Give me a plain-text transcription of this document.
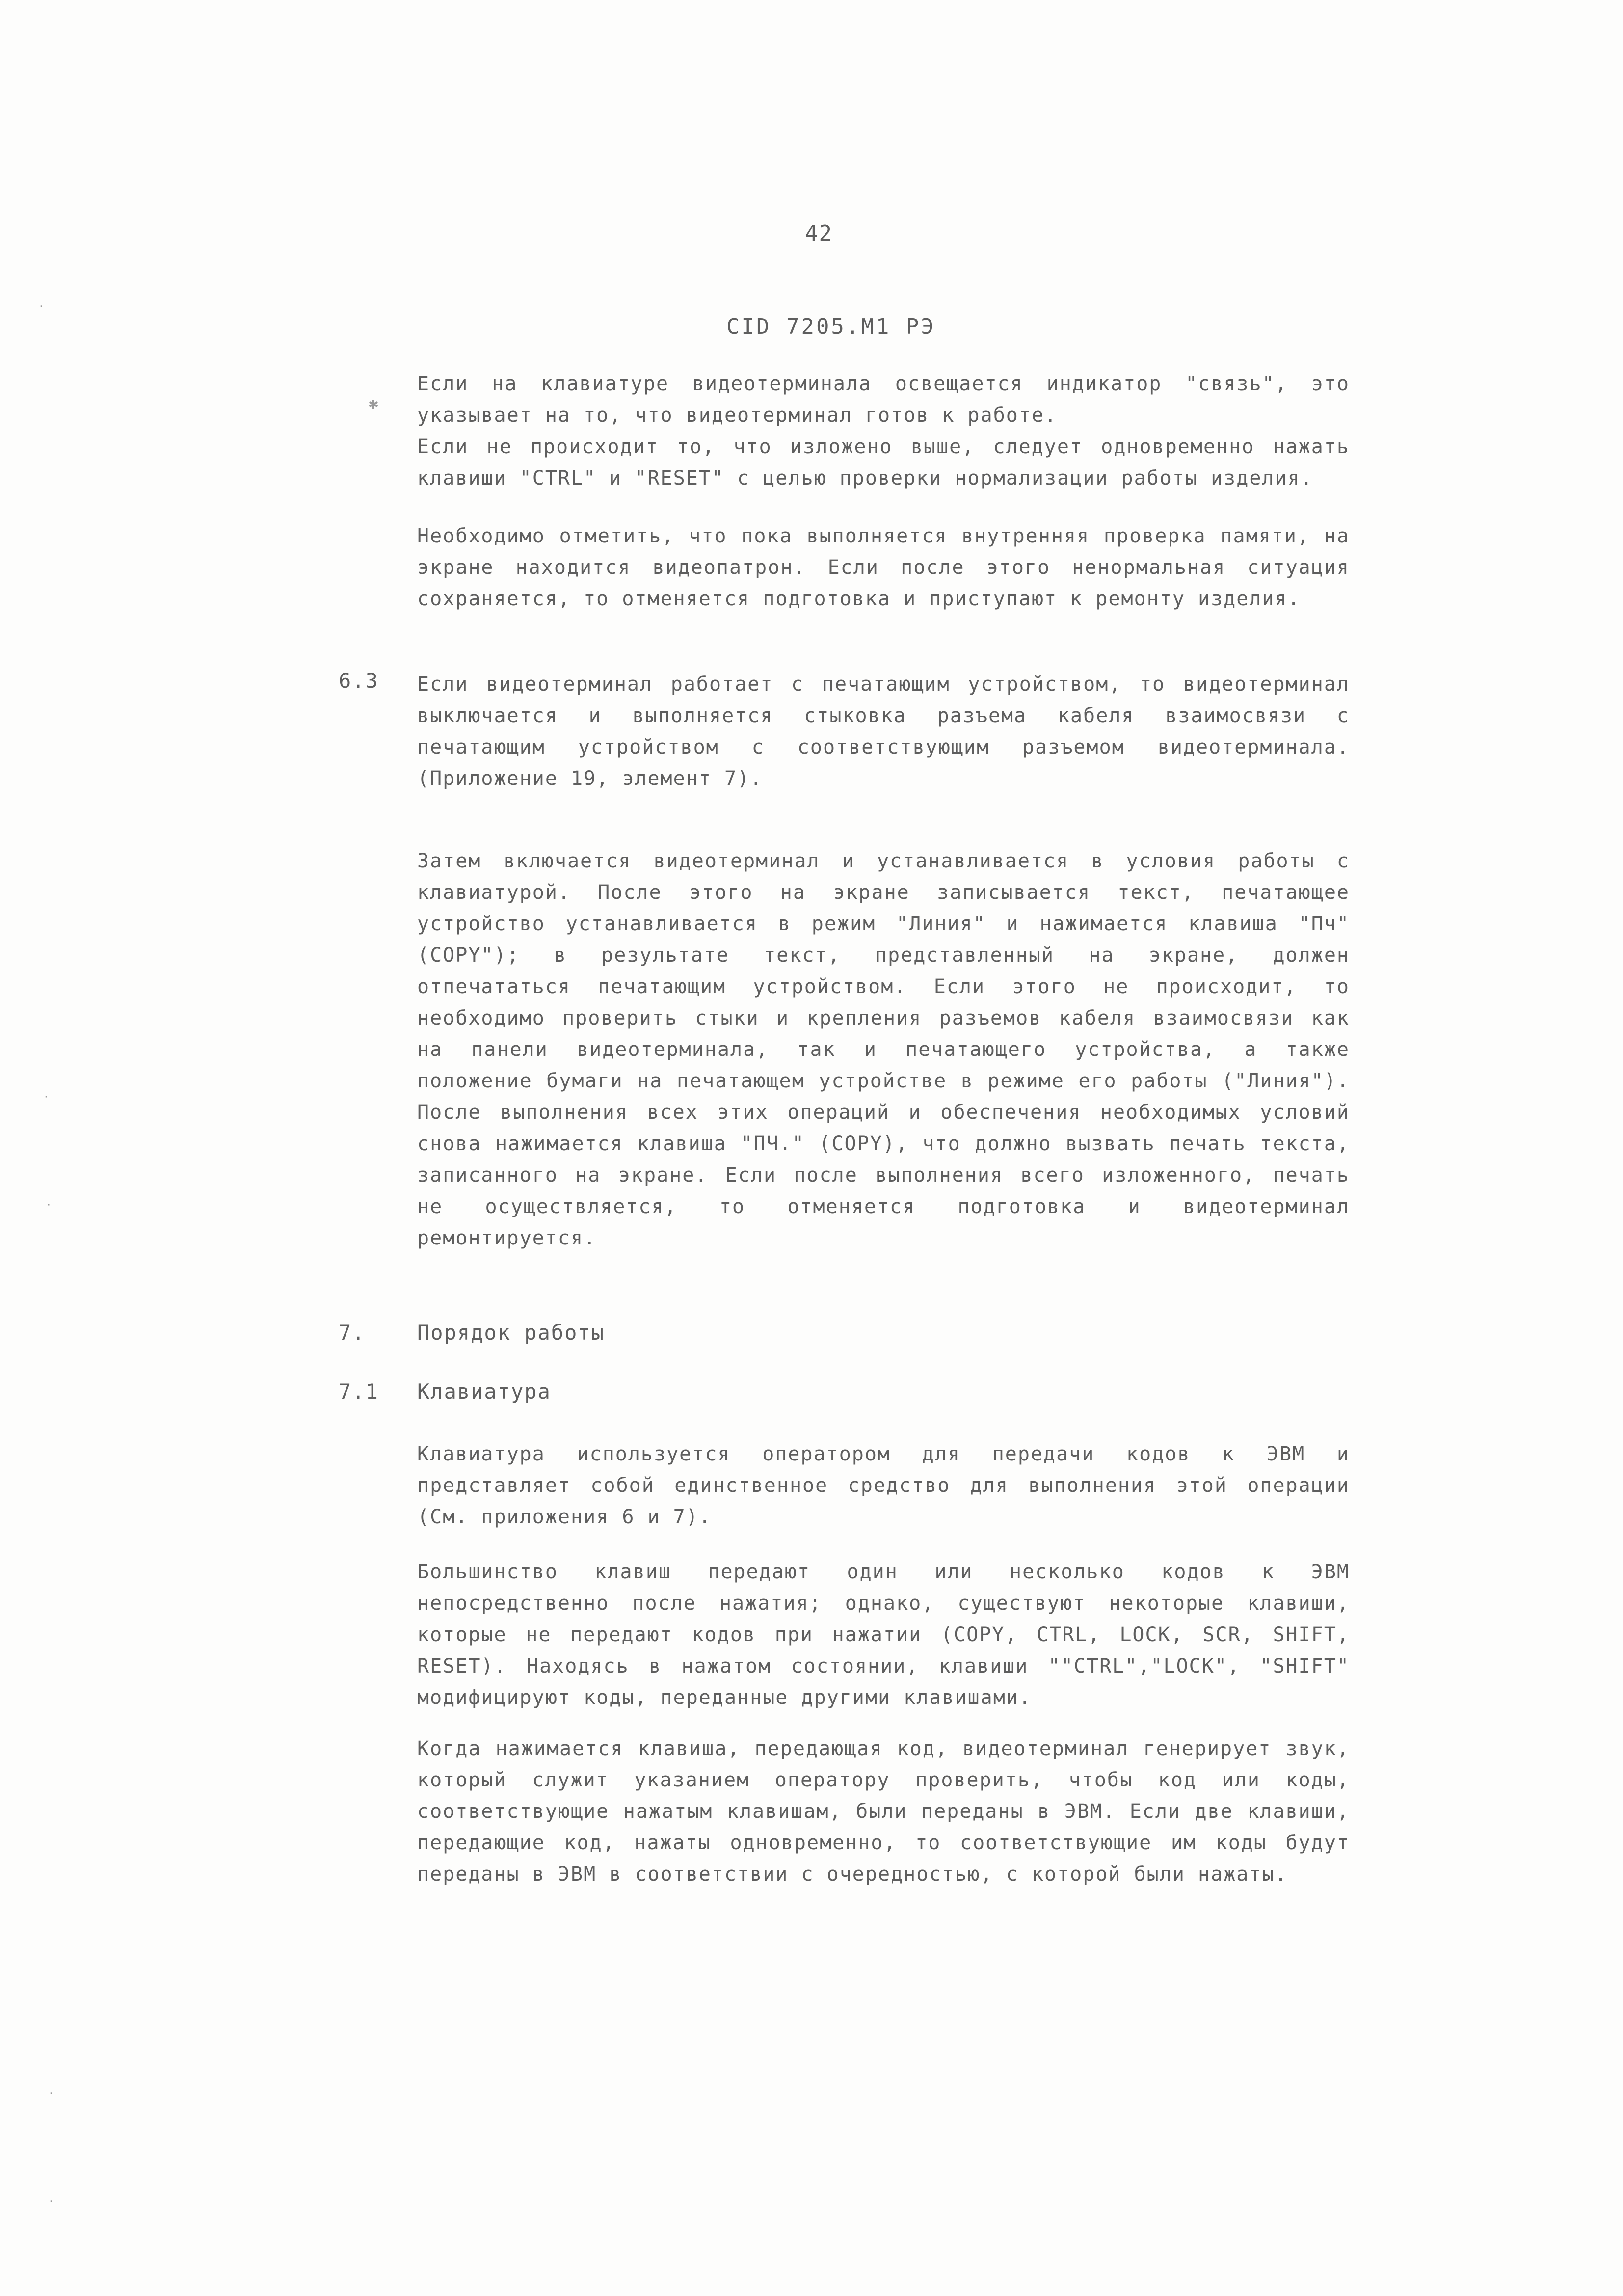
42
CID 7205.M1 РЭ
·
✱
·
·
·
·

Если на клавиатуре видеотерминала освещается индикатор "связь", это указывает на то, что видеотерминал готов к работе.

Если не происходит то, что изложено выше, следует одновременно нажать клавиши "CTRL" и "RESET" с целью проверки нормализации работы изделия.

Необходимо отметить, что пока выполняется внутренняя проверка памяти, на экране находится видеопатрон. Если после этого ненормальная ситуация сохраняется, то отменяется подготовка и приступают к ремонту изделия.

6.3 Если видеотерминал работает с печатающим устройством, то видеотерминал выключается и выполняется стыковка разъема кабеля взаимосвязи с печатающим устройством с соответствующим разъемом видеотерминала. (Приложение 19, элемент 7).

Затем включается видеотерминал и устанавливается в условия работы с клавиатурой. После этого на экране записывается текст, печатающее устройство устанавливается в режим "Линия" и нажимается клавиша "Пч" (COPY"); в результате текст, представленный на экране, должен отпечататься печатающим устройством. Если этого не происходит, то необходимо проверить стыки и крепления разъемов кабеля взаимосвязи как на панели видеотерминала, так и печатающего устройства, а также положение бумаги на печатающем устройстве в режиме его работы ("Линия"). После выполнения всех этих операций и обеспечения необходимых условий снова нажимается клавиша "ПЧ." (COPY), что должно вызвать печать текста, записанного на экране. Если после выполнения всего изложенного, печать не осуществляется, то отменяется подготовка и видеотерминал ремонтируется.

7.	Порядок работы
7.1 Клавиатура

Клавиатура используется оператором для передачи кодов к ЭВМ и представляет собой единственное средство для выполнения этой операции (См. приложения 6 и 7).

Большинство клавиш передают один или несколько кодов к ЭВМ непосредственно после нажатия; однако, существуют некоторые клавиши, которые не передают кодов при нажатии (COPY, CTRL, LOCK, SCR, SHIFT, RESET). Находясь в нажатом состоянии, клавиши ""CTRL","LOCK", "SHIFT" модифицируют коды, переданные другими клавишами.

Когда нажимается клавиша, передающая код, видеотерминал генерирует звук, который служит указанием оператору проверить, чтобы код или коды, соответствующие нажатым клавишам, были переданы в ЭВМ. Если две клавиши, передающие код, нажаты одновременно, то соответствующие им коды будут переданы в ЭВМ в соответствии с очередностью, с которой были нажаты.
